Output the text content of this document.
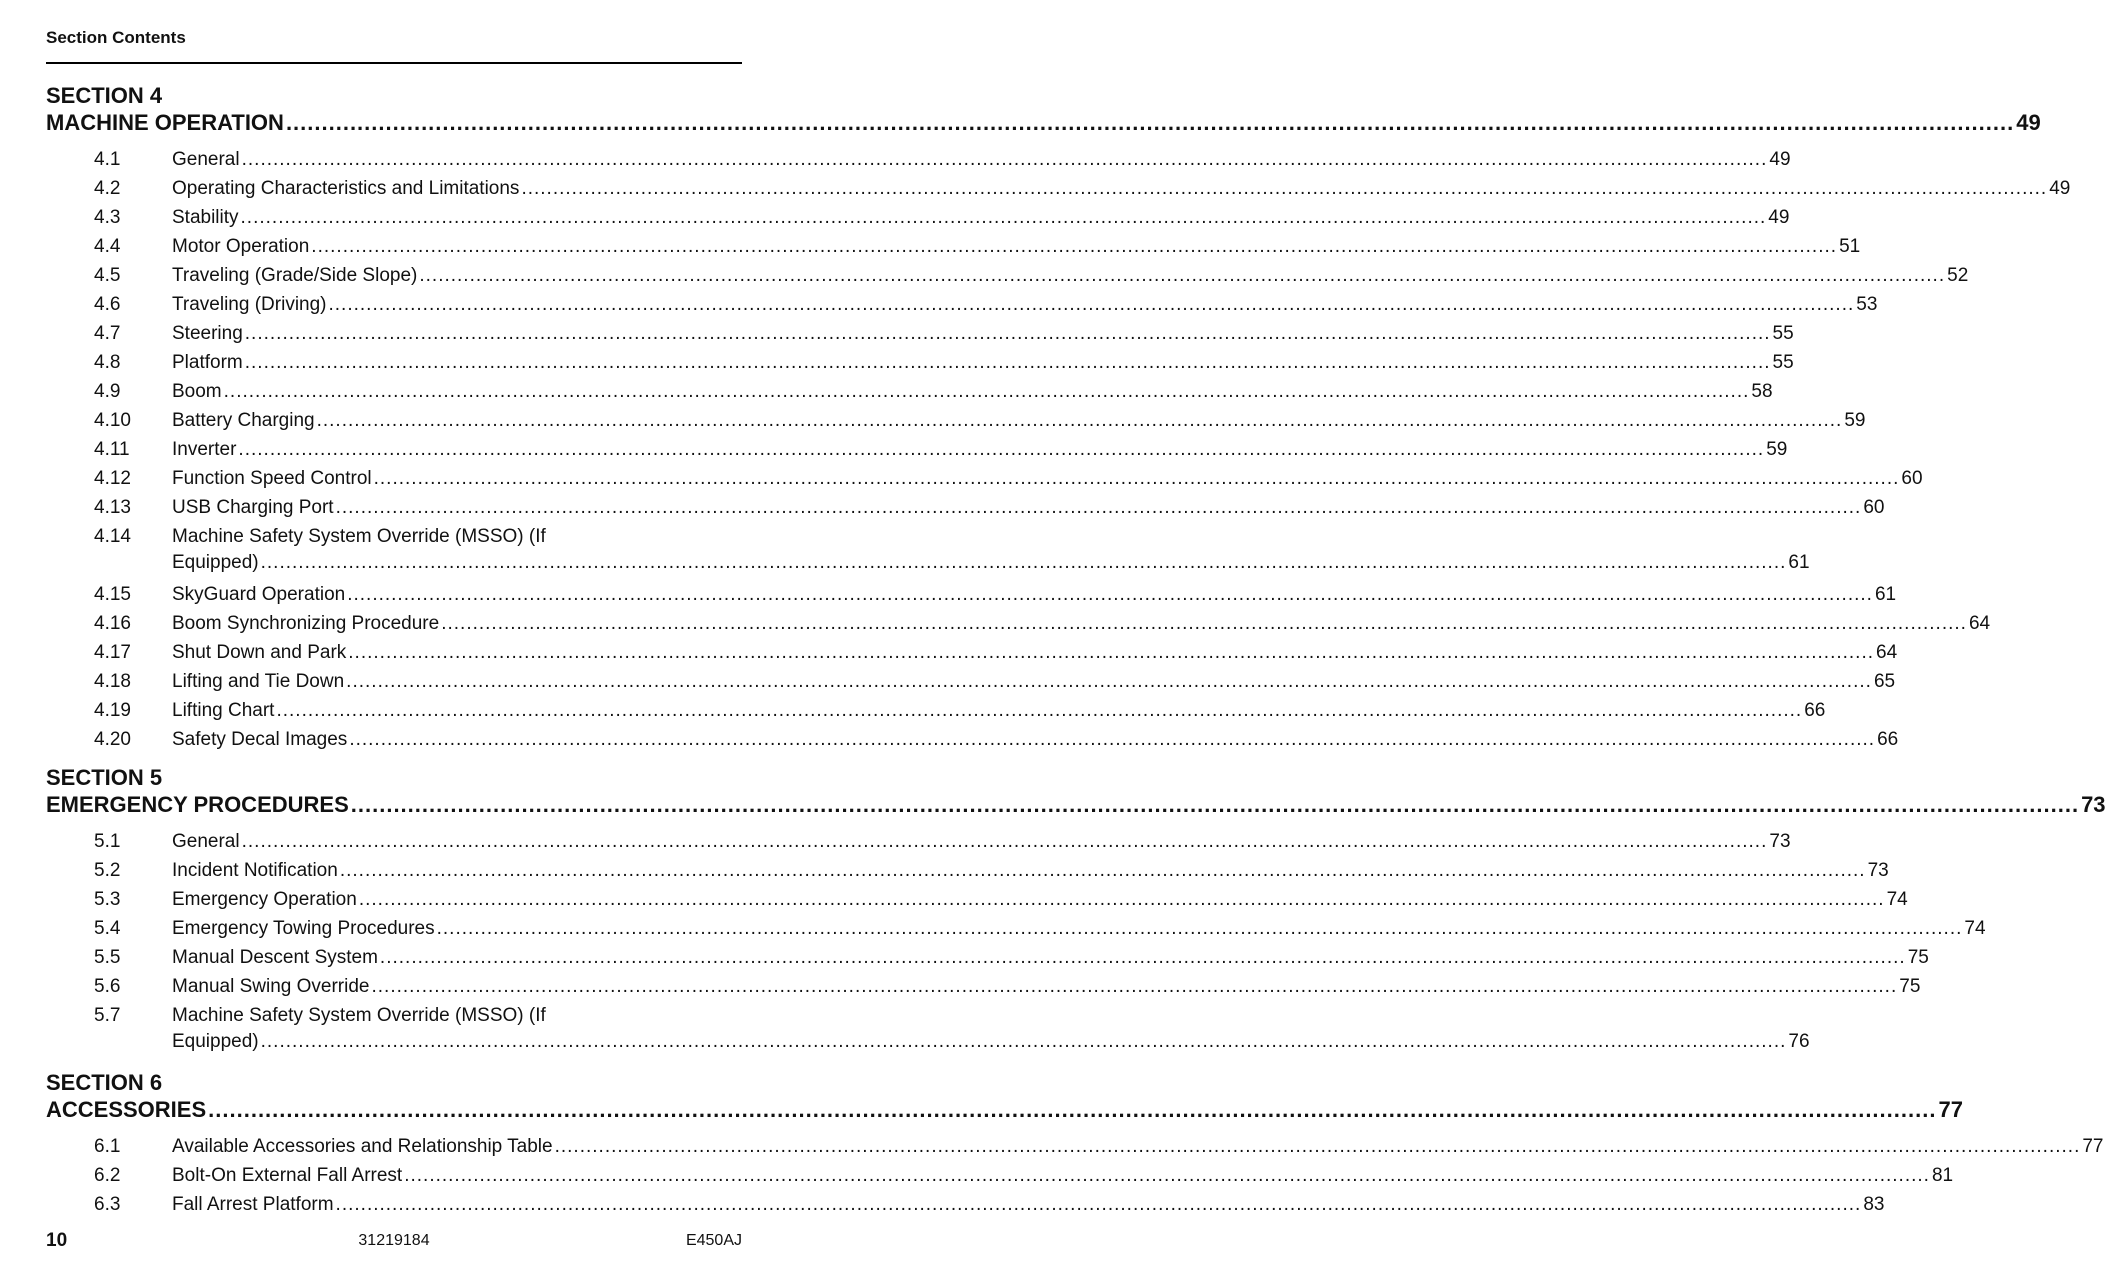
Section Contents
SECTION 4
MACHINE OPERATION .....	49
4.1	General .....	49
4.2	Operating Characteristics and Limitations .....	49
4.3	Stability .....	49
4.4	Motor Operation .....	51
4.5	Traveling (Grade/Side Slope) .....	52
4.6	Traveling (Driving) .....	53
4.7	Steering .....	55
4.8	Platform .....	55
4.9	Boom .....	58
4.10	Battery Charging .....	59
4.11	Inverter .....	59
4.12	Function Speed Control .....	60
4.13	USB Charging Port .....	60
4.14	Machine Safety System Override (MSSO) (If
Equipped) .....	61
4.15	SkyGuard Operation .....	61
4.16	Boom Synchronizing Procedure .....	64
4.17	Shut Down and Park .....	64
4.18	Lifting and Tie Down .....	65
4.19	Lifting Chart .....	66
4.20	Safety Decal Images .....	66
SECTION 5
EMERGENCY PROCEDURES .....	73
5.1	General .....	73
5.2	Incident Notification .....	73
5.3	Emergency Operation .....	74
5.4	Emergency Towing Procedures .....	74
5.5	Manual Descent System .....	75
5.6	Manual Swing Override .....	75
5.7	Machine Safety System Override (MSSO) (If
Equipped) .....	76
SECTION 6
ACCESSORIES .....	77
6.1	Available Accessories and Relationship Table .....	77
6.2	Bolt-On External Fall Arrest .....	81
6.3	Fall Arrest Platform .....	83
10	31219184	E450AJ
